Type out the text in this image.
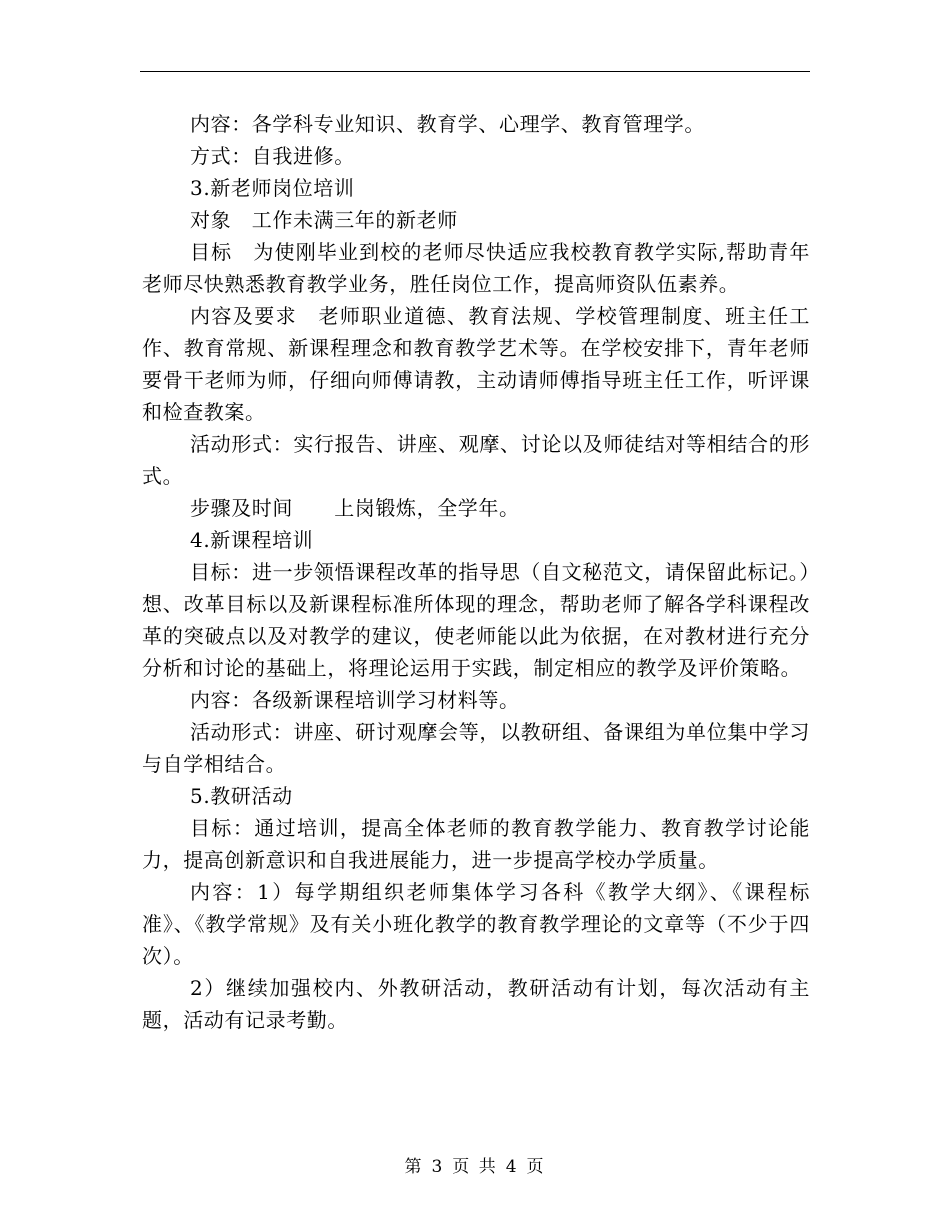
内容：各学科专业知识、教育学、心理学、教育管理学。

方式：自我进修。

3.新老师岗位培训

对象　工作未满三年的新老师

目标　为使刚毕业到校的老师尽快适应我校教育教学实际,帮助青年老师尽快熟悉教育教学业务，胜任岗位工作，提高师资队伍素养。

内容及要求　老师职业道德、教育法规、学校管理制度、班主任工作、教育常规、新课程理念和教育教学艺术等。在学校安排下，青年老师要骨干老师为师，仔细向师傅请教，主动请师傅指导班主任工作，听评课和检查教案。

活动形式：实行报告、讲座、观摩、讨论以及师徒结对等相结合的形式。

步骤及时间　　上岗锻炼，全学年。

4.新课程培训

目标：进一步领悟课程改革的指导思（自文秘范文，请保留此标记。）想、改革目标以及新课程标准所体现的理念，帮助老师了解各学科课程改革的突破点以及对教学的建议，使老师能以此为依据，在对教材进行充分分析和讨论的基础上，将理论运用于实践，制定相应的教学及评价策略。

内容：各级新课程培训学习材料等。

活动形式：讲座、研讨观摩会等，以教研组、备课组为单位集中学习与自学相结合。

5.教研活动

目标：通过培训，提高全体老师的教育教学能力、教育教学讨论能力，提高创新意识和自我进展能力，进一步提高学校办学质量。

内容：1）每学期组织老师集体学习各科《教学大纲》、《课程标准》、《教学常规》及有关小班化教学的教育教学理论的文章等（不少于四次）。

2）继续加强校内、外教研活动，教研活动有计划，每次活动有主题，活动有记录考勤。

第 3 页 共 4 页
